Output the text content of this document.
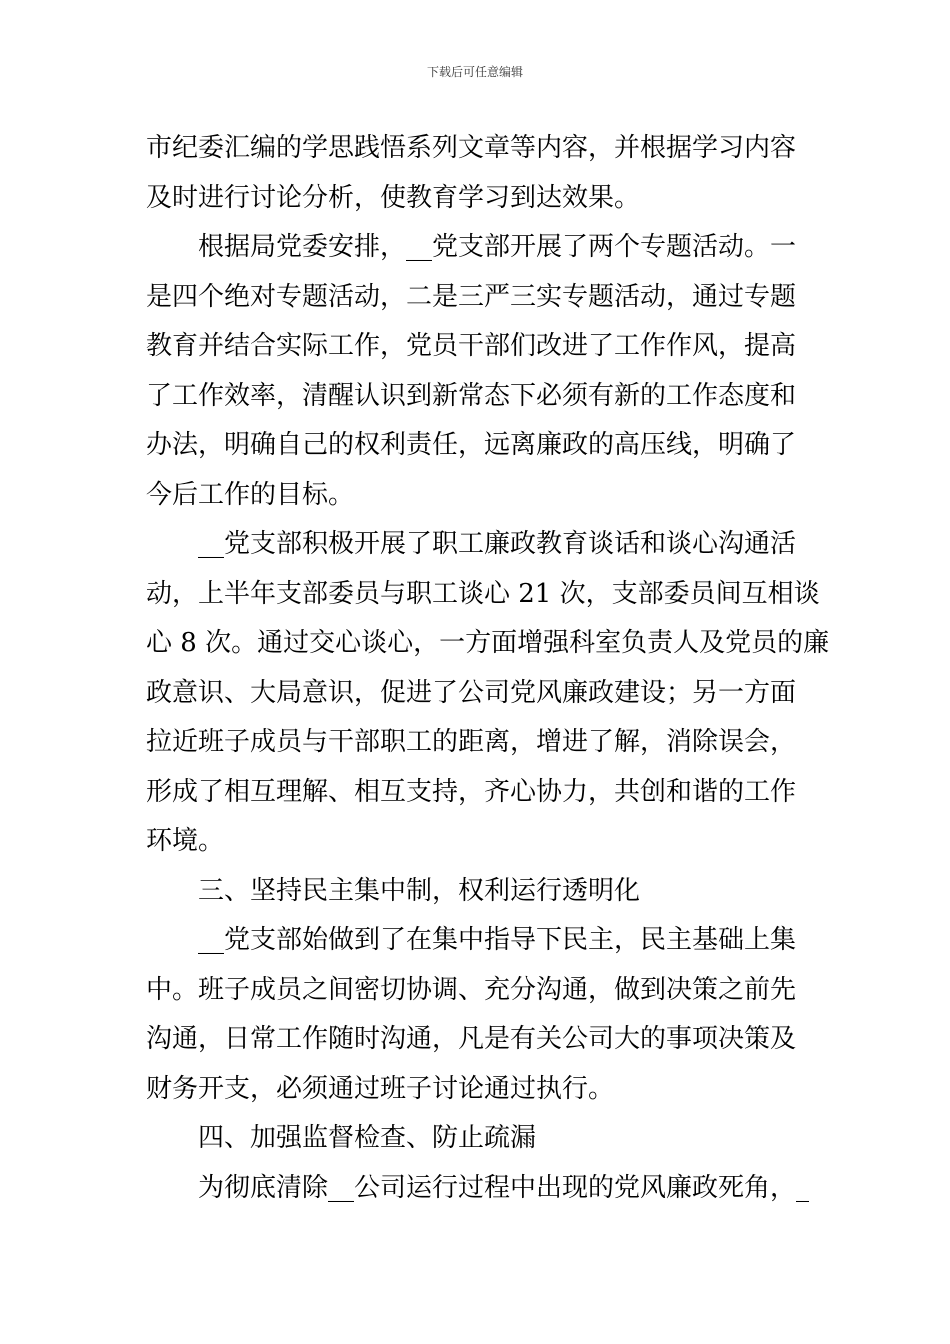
下载后可任意编辑
市纪委汇编的学思践悟系列文章等内容，并根据学习内容
及时进行讨论分析，使教育学习到达效果。
　　根据局党委安排，__党支部开展了两个专题活动。一
是四个绝对专题活动，二是三严三实专题活动，通过专题
教育并结合实际工作，党员干部们改进了工作作风，提高
了工作效率，清醒认识到新常态下必须有新的工作态度和
办法，明确自己的权利责任，远离廉政的高压线，明确了
今后工作的目标。
　　__党支部积极开展了职工廉政教育谈话和谈心沟通活
动，上半年支部委员与职工谈心 21 次，支部委员间互相谈
心 8 次。通过交心谈心，一方面增强科室负责人及党员的廉
政意识、大局意识，促进了公司党风廉政建设；另一方面
拉近班子成员与干部职工的距离，增进了解，消除误会，
形成了相互理解、相互支持，齐心协力，共创和谐的工作
环境。
　　三、坚持民主集中制，权利运行透明化
　　__党支部始做到了在集中指导下民主，民主基础上集
中。班子成员之间密切协调、充分沟通，做到决策之前先
沟通，日常工作随时沟通，凡是有关公司大的事项决策及
财务开支，必须通过班子讨论通过执行。
　　四、加强监督检查、防止疏漏
　　为彻底清除__公司运行过程中出现的党风廉政死角，_
